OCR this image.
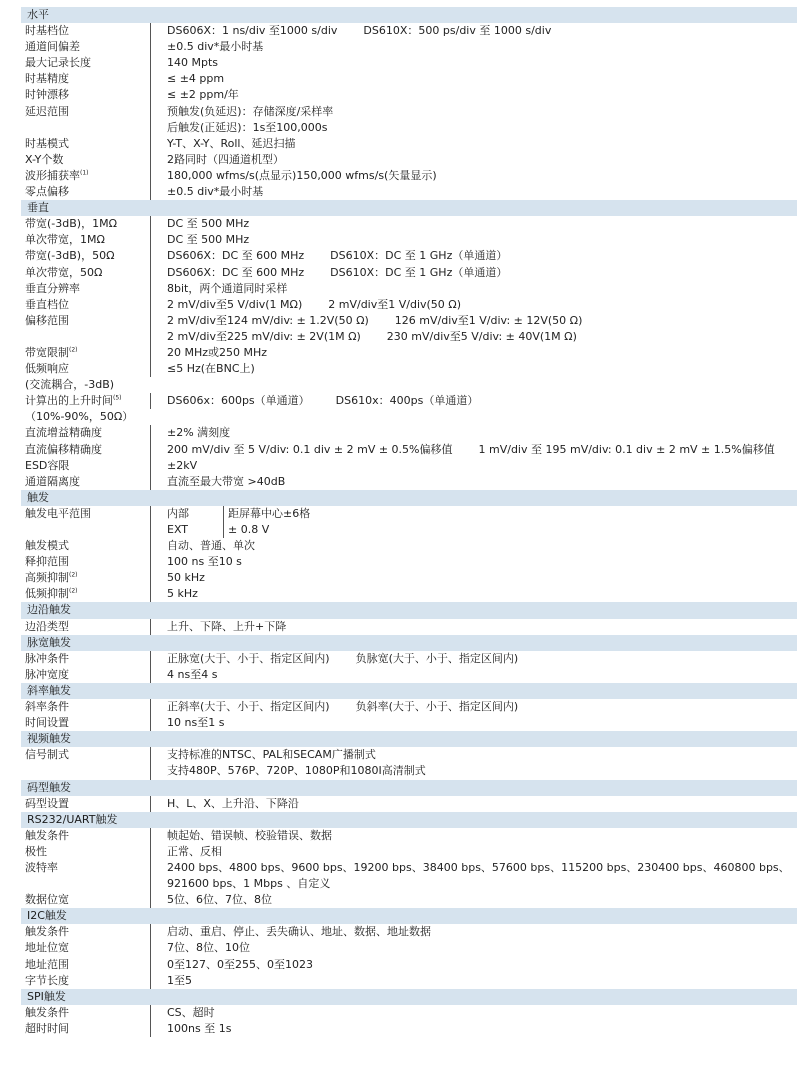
水平
时基档位	DS606X：1 ns/div 至1000 s/div DS610X：500 ps/div 至 1000 s/div
通道间偏差	±0.5 div*最小时基
最大记录长度	140 Mpts
时基精度	≤ ±4 ppm
时钟漂移	≤ ±2 ppm/年
延迟范围	预触发(负延迟)：存储深度/采样率
后触发(正延迟)：1s至100,000s
时基模式	Y-T、X-Y、Roll、延迟扫描
X-Y个数	2路同时（四通道机型）
波形捕获率$^{(1)}$	180,000 wfms/s(点显示)150,000 wfms/s(矢量显示)
零点偏移	±0.5 div*最小时基
垂直
带宽(-3dB)，1MΩ	DC 至 500 MHz
单次带宽，1MΩ	DC 至 500 MHz
带宽(-3dB)，50Ω	DS606X：DC 至 600 MHz DS610X：DC 至 1 GHz（单通道）
单次带宽，50Ω	DS606X：DC 至 600 MHz DS610X：DC 至 1 GHz（单通道）
垂直分辨率	8bit，两个通道同时采样
垂直档位	2 mV/div至5 V/div(1 MΩ) 2 mV/div至1 V/div(50 Ω)
偏移范围	2 mV/div至124 mV/div: ± 1.2V(50 Ω) 126 mV/div至1 V/div: ± 12V(50 Ω)
2 mV/div至225 mV/div: ± 2V(1M Ω) 230 mV/div至5 V/div: ± 40V(1M Ω)
带宽限制$^{(2)}$	20 MHz或250 MHz
低频响应	≤5 Hz(在BNC上)
(交流耦合，-3dB)
计算出的上升时间$^{(5)}$	DS606x：600ps（单通道） DS610x：400ps（单通道）
（10%-90%，50Ω）
直流增益精确度	±2% 满刻度
直流偏移精确度	200 mV/div 至 5 V/div: 0.1 div ± 2 mV ± 0.5%偏移值 1 mV/div 至 195 mV/div: 0.1 div ± 2 mV ± 1.5%偏移值
ESD容限	±2kV
通道隔离度	直流至最大带宽 >40dB
触发
触发电平范围	内部	距屏幕中心±6格
EXT	± 0.8 V
触发模式	自动、普通、单次
释抑范围	100 ns 至10 s
高频抑制$^{(2)}$	50 kHz
低频抑制$^{(2)}$	5 kHz
边沿触发
边沿类型	上升、下降、上升+下降
脉宽触发
脉冲条件	正脉宽(大于、小于、指定区间内) 负脉宽(大于、小于、指定区间内)
脉冲宽度	4 ns至4 s
斜率触发
斜率条件	正斜率(大于、小于、指定区间内) 负斜率(大于、小于、指定区间内)
时间设置	10 ns至1 s
视频触发
信号制式	支持标准的NTSC、PAL和SECAM广播制式
支持480P、576P、720P、1080P和1080I高清制式
码型触发
码型设置	H、L、X、上升沿、下降沿
RS232/UART触发
触发条件	帧起始、错误帧、校验错误、数据
极性	正常、反相
波特率	2400 bps、4800 bps、9600 bps、19200 bps、38400 bps、57600 bps、115200 bps、230400 bps、460800 bps、
921600 bps、1 Mbps 、自定义
数据位宽	5位、6位、7位、8位
I2C触发
触发条件	启动、重启、停止、丢失确认、地址、数据、地址数据
地址位宽	7位、8位、10位
地址范围	0至127、0至255、0至1023
字节长度	1至5
SPI触发
触发条件	CS、超时
超时时间	100ns 至 1s
